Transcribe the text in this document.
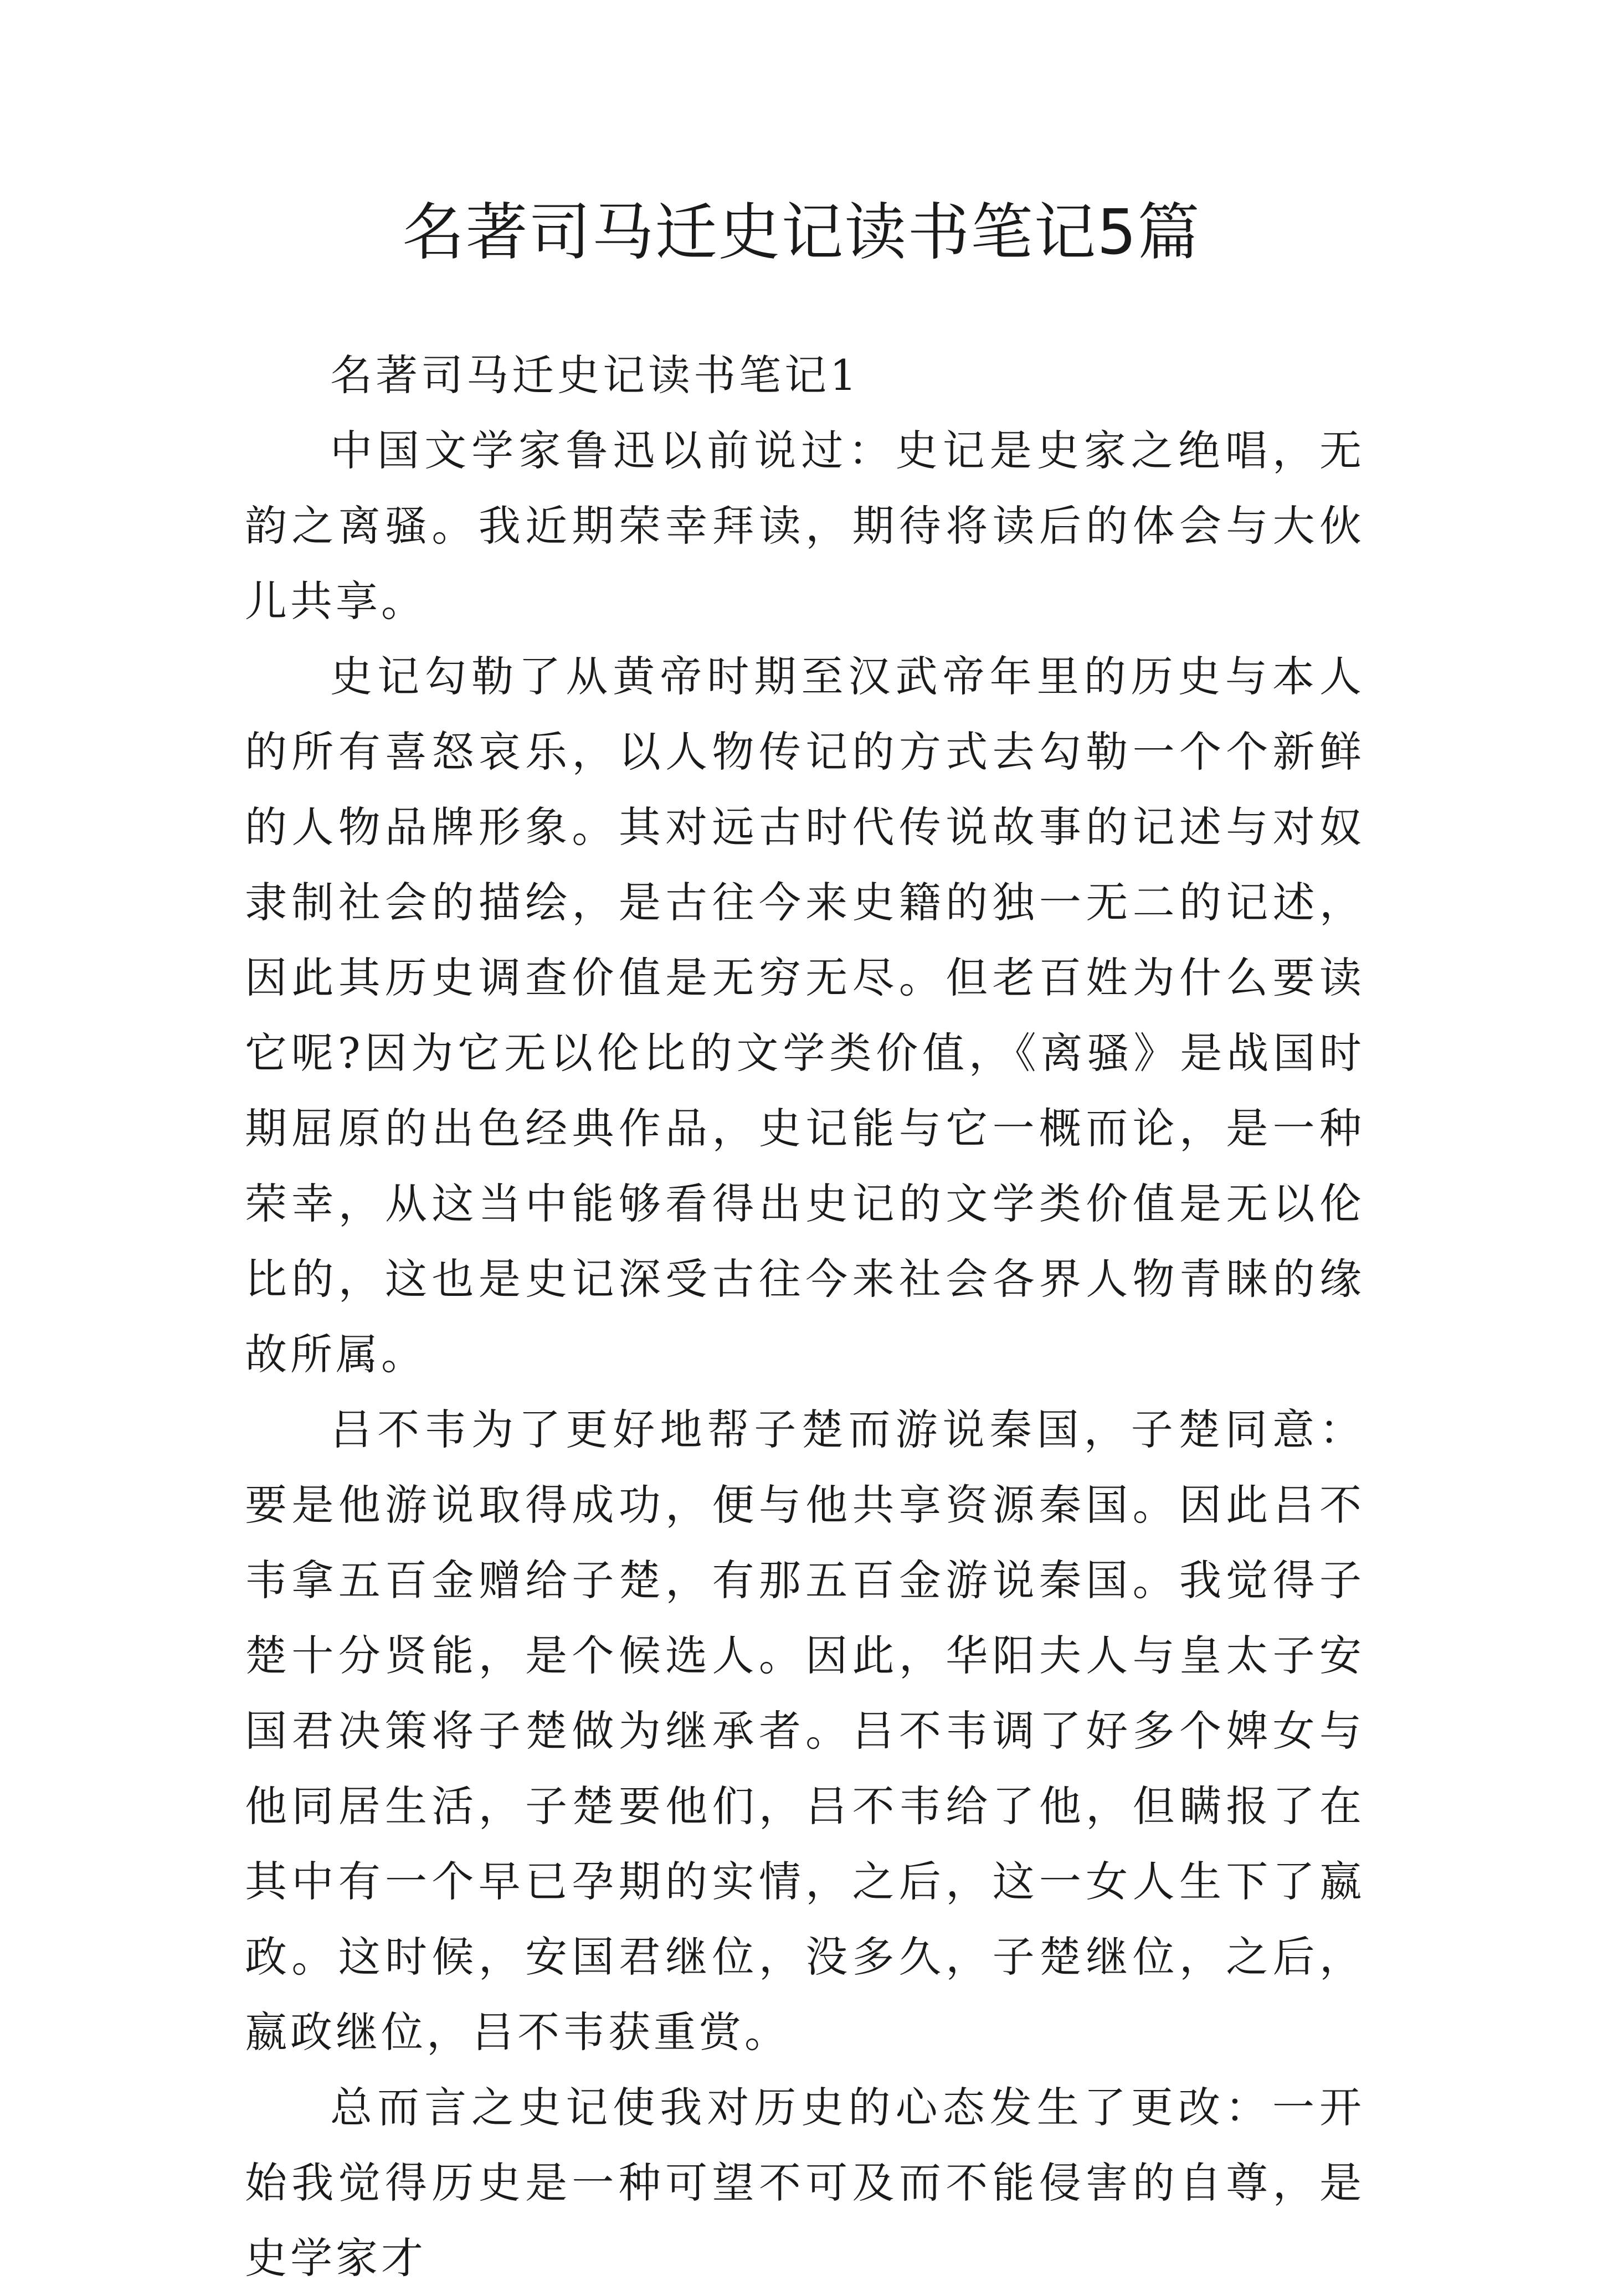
名著司马迁史记读书笔记5篇

名著司马迁史记读书笔记1

中国文学家鲁迅以前说过：史记是史家之绝唱，无韵之离骚。我近期荣幸拜读，期待将读后的体会与大伙儿共享。

史记勾勒了从黄帝时期至汉武帝年里的历史与本人的所有喜怒哀乐，以人物传记的方式去勾勒一个个新鲜的人物品牌形象。其对远古时代传说故事的记述与对奴隶制社会的描绘，是古往今来史籍的独一无二的记述，因此其历史调查价值是无穷无尽。但老百姓为什么要读它呢?因为它无以伦比的文学类价值，《离骚》是战国时期屈原的出色经典作品，史记能与它一概而论，是一种荣幸，从这当中能够看得出史记的文学类价值是无以伦比的，这也是史记深受古往今来社会各界人物青睐的缘故所属。

吕不韦为了更好地帮子楚而游说秦国，子楚同意：要是他游说取得成功，便与他共享资源秦国。因此吕不韦拿五百金赠给子楚，有那五百金游说秦国。我觉得子楚十分贤能，是个候选人。因此，华阳夫人与皇太子安国君决策将子楚做为继承者。吕不韦调了好多个婢女与他同居生活，子楚要他们，吕不韦给了他，但瞒报了在其中有一个早已孕期的实情，之后，这一女人生下了嬴政。这时候，安国君继位，没多久，子楚继位，之后，嬴政继位，吕不韦获重赏。

总而言之史记使我对历史的心态发生了更改：一开始我觉得历史是一种可望不可及而不能侵害的自尊，是史学家才
